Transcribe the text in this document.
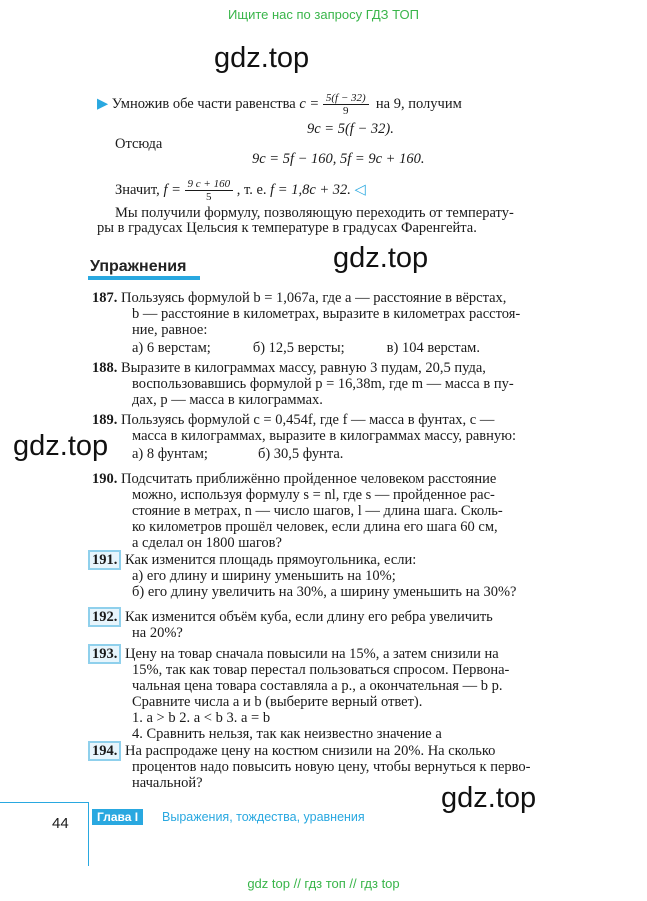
Ищите нас по запросу ГДЗ ТОП
gdz.top
gdz.top
gdz.top
gdz.top
▶ Умножив обе части равенства $c = \frac{5(f - 32)}{9}$ на 9, получим
9c = 5(f − 32).
Отсюда
9c = 5f − 160, 5f = 9c + 160.
Значит, $f = \frac{9 c + 160}{5}$ , т. е. f = 1,8c + 32. ◁
Мы получили формулу, позволяющую переходить от температу-
ры в градусах Цельсия к температуре в градусах Фаренгейта.
Упражнения
187. Пользуясь формулой b = 1,067a, где a — расстояние в вёрстах,
b — расстояние в километрах, выразите в километрах расстоя-
ние, равное:
а) 6 верстам;	б) 12,5 версты;	в) 104 верстам.
188. Выразите в килограммах массу, равную 3 пудам, 20,5 пуда,
воспользовавшись формулой p = 16,38m, где m — масса в пу-
дах, p — масса в килограммах.
189. Пользуясь формулой c = 0,454f, где f — масса в фунтах, c —
масса в килограммах, выразите в килограммах массу, равную:
а) 8 фунтам;	б) 30,5 фунта.
190. Подсчитать приближённо пройденное человеком расстояние
можно, используя формулу s = nl, где s — пройденное рас-
стояние в метрах, n — число шагов, l — длина шага. Сколь-
ко километров прошёл человек, если длина его шага 60 см,
а сделал он 1800 шагов?
191. Как изменится площадь прямоугольника, если:
а) его длину и ширину уменьшить на 10%;
б) его длину увеличить на 30%, а ширину уменьшить на 30%?
192. Как изменится объём куба, если длину его ребра увеличить
на 20%?
193. Цену на товар сначала повысили на 15%, а затем снизили на
15%, так как товар перестал пользоваться спросом. Первона-
чальная цена товара составляла a р., а окончательная — b р.
Сравните числа a и b (выберите верный ответ).
1. a > b 2. a < b 3. a = b
4. Сравнить нельзя, так как неизвестно значение a
194. На распродаже цену на костюм снизили на 20%. На сколько
процентов надо повысить новую цену, чтобы вернуться к перво-
начальной?
44	Глава I	Выражения, тождества, уравнения
gdz top // гдз топ // гдз top
